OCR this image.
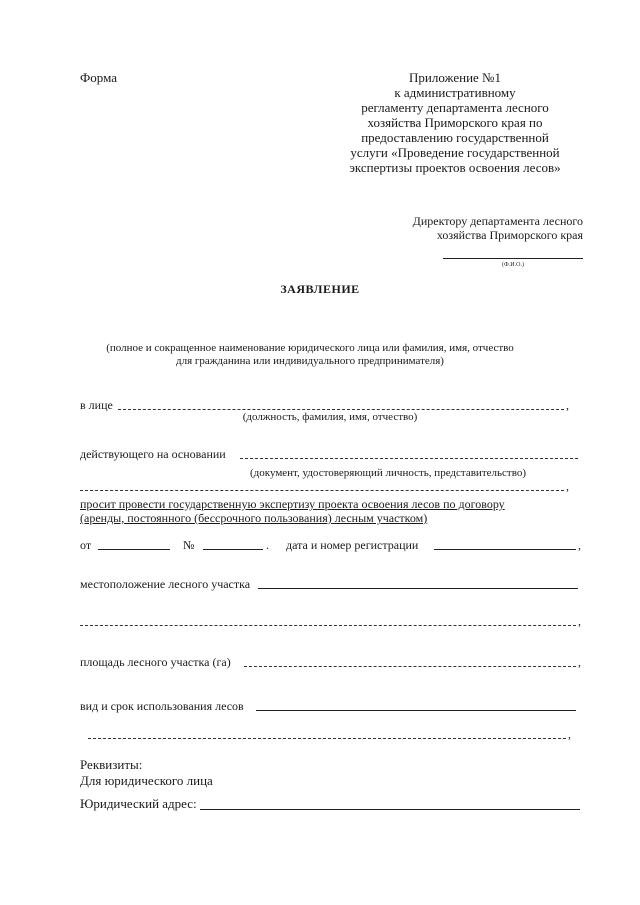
Форма	Приложение №1
к административному
регламенту департамента лесного
хозяйства Приморского края по
предоставлению государственной
услуги «Проведение государственной
экспертизы проектов освоения лесов»
Директору департамента лесного
хозяйства Приморского края
(Ф.И.О.)
ЗАЯВЛЕНИЕ
(полное и сокращенное наименование юридического лица или фамилия, имя, отчество
для гражданина или индивидуального предпринимателя)
в лице	,
(должность, фамилия, имя, отчество)
действующего на основании
(документ, удостоверяющий личность, представительство)
,
просит провести государственную экспертизу проекта освоения лесов по договору
(аренды, постоянного (бессрочного пользования) лесным участком)
от	№	. дата и номер регистрации	,
местоположение лесного участка
,
площадь лесного участка (га)	,
вид и срок использования лесов
,
Реквизиты:
Для юридического лица
Юридический адрес:
